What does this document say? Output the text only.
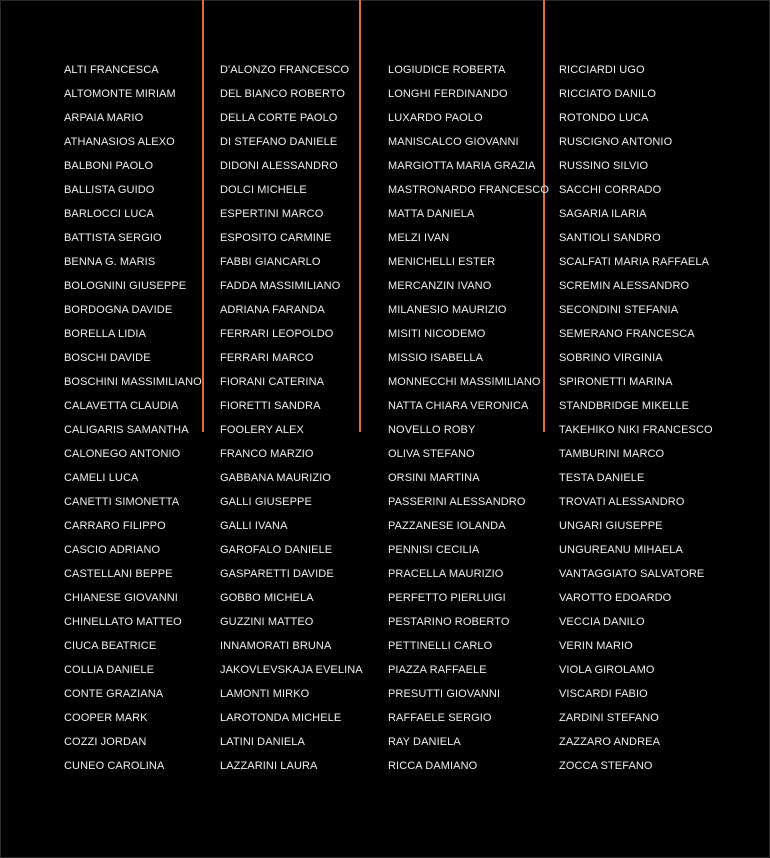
ALTI FRANCESCA
ALTOMONTE MIRIAM
ARPAIA MARIO
ATHANASIOS ALEXO
BALBONI PAOLO
BALLISTA GUIDO
BARLOCCI LUCA
BATTISTA SERGIO
BENNA G. MARIS
BOLOGNINI GIUSEPPE
BORDOGNA DAVIDE
BORELLA LIDIA
BOSCHI DAVIDE
BOSCHINI MASSIMILIANO
CALAVETTA CLAUDIA
CALIGARIS SAMANTHA
CALONEGO ANTONIO
CAMELI LUCA
CANETTI SIMONETTA
CARRARO FILIPPO
CASCIO ADRIANO
CASTELLANI BEPPE
CHIANESE GIOVANNI
CHINELLATO MATTEO
CIUCA BEATRICE
COLLIA DANIELE
CONTE GRAZIANA
COOPER MARK
COZZI JORDAN
CUNEO CAROLINA
D'ALONZO FRANCESCO
DEL BIANCO ROBERTO
DELLA CORTE PAOLO
DI STEFANO DANIELE
DIDONI ALESSANDRO
DOLCI MICHELE
ESPERTINI MARCO
ESPOSITO CARMINE
FABBI GIANCARLO
FADDA MASSIMILIANO
ADRIANA FARANDA
FERRARI LEOPOLDO
FERRARI MARCO
FIORANI CATERINA
FIORETTI SANDRA
FOOLERY ALEX
FRANCO MARZIO
GABBANA MAURIZIO
GALLI GIUSEPPE
GALLI IVANA
GAROFALO DANIELE
GASPARETTI DAVIDE
GOBBO MICHELA
GUZZINI MATTEO
INNAMORATI BRUNA
JAKOVLEVSKAJA EVELINA
LAMONTI MIRKO
LAROTONDA MICHELE
LATINI DANIELA
LAZZARINI LAURA
LOGIUDICE ROBERTA
LONGHI FERDINANDO
LUXARDO PAOLO
MANISCALCO GIOVANNI
MARGIOTTA MARIA GRAZIA
MASTRONARDO FRANCESCO
MATTA DANIELA
MELZI IVAN
MENICHELLI ESTER
MERCANZIN IVANO
MILANESIO MAURIZIO
MISITI NICODEMO
MISSIO ISABELLA
MONNECCHI MASSIMILIANO
NATTA CHIARA VERONICA
NOVELLO ROBY
OLIVA STEFANO
ORSINI MARTINA
PASSERINI ALESSANDRO
PAZZANESE IOLANDA
PENNISI CECILIA
PRACELLA MAURIZIO
PERFETTO PIERLUIGI
PESTARINO ROBERTO
PETTINELLI CARLO
PIAZZA RAFFAELE
PRESUTTI GIOVANNI
RAFFAELE SERGIO
RAY DANIELA
RICCA DAMIANO
RICCIARDI UGO
RICCIATO DANILO
ROTONDO LUCA
RUSCIGNO ANTONIO
RUSSINO SILVIO
SACCHI CORRADO
SAGARIA ILARIA
SANTIOLI SANDRO
SCALFATI MARIA RAFFAELA
SCREMIN ALESSANDRO
SECONDINI STEFANIA
SEMERANO FRANCESCA
SOBRINO VIRGINIA
SPIRONETTI MARINA
STANDBRIDGE MIKELLE
TAKEHIKO NIKI FRANCESCO
TAMBURINI MARCO
TESTA DANIELE
TROVATI ALESSANDRO
UNGARI GIUSEPPE
UNGUREANU MIHAELA
VANTAGGIATO SALVATORE
VAROTTO EDOARDO
VECCIA DANILO
VERIN MARIO
VIOLA GIROLAMO
VISCARDI FABIO
ZARDINI STEFANO
ZAZZARO ANDREA
ZOCCA STEFANO
